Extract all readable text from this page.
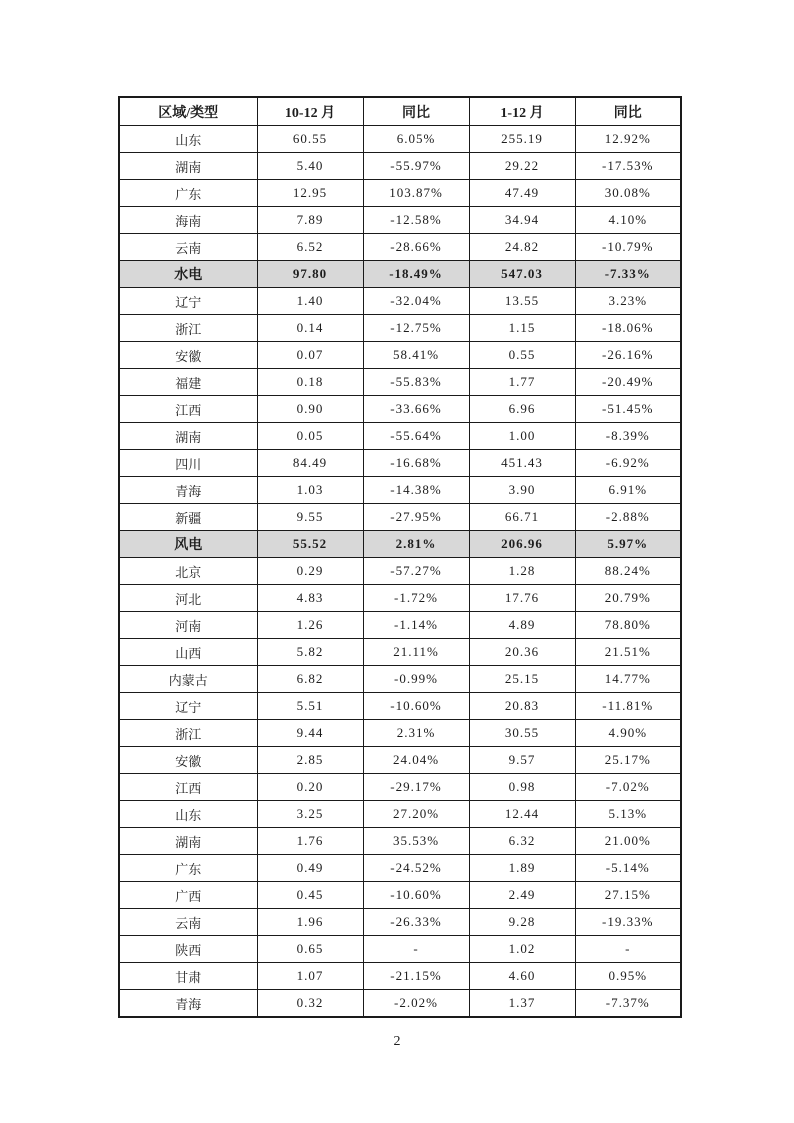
区域/类型	10-12 月	同比	1-12 月	同比
山东	60.55	6.05%	255.19	12.92%
湖南	5.40	-55.97%	29.22	-17.53%
广东	12.95	103.87%	47.49	30.08%
海南	7.89	-12.58%	34.94	4.10%
云南	6.52	-28.66%	24.82	-10.79%
水电	97.80	-18.49%	547.03	-7.33%
辽宁	1.40	-32.04%	13.55	3.23%
浙江	0.14	-12.75%	1.15	-18.06%
安徽	0.07	58.41%	0.55	-26.16%
福建	0.18	-55.83%	1.77	-20.49%
江西	0.90	-33.66%	6.96	-51.45%
湖南	0.05	-55.64%	1.00	-8.39%
四川	84.49	-16.68%	451.43	-6.92%
青海	1.03	-14.38%	3.90	6.91%
新疆	9.55	-27.95%	66.71	-2.88%
风电	55.52	2.81%	206.96	5.97%
北京	0.29	-57.27%	1.28	88.24%
河北	4.83	-1.72%	17.76	20.79%
河南	1.26	-1.14%	4.89	78.80%
山西	5.82	21.11%	20.36	21.51%
内蒙古	6.82	-0.99%	25.15	14.77%
辽宁	5.51	-10.60%	20.83	-11.81%
浙江	9.44	2.31%	30.55	4.90%
安徽	2.85	24.04%	9.57	25.17%
江西	0.20	-29.17%	0.98	-7.02%
山东	3.25	27.20%	12.44	5.13%
湖南	1.76	35.53%	6.32	21.00%
广东	0.49	-24.52%	1.89	-5.14%
广西	0.45	-10.60%	2.49	27.15%
云南	1.96	-26.33%	9.28	-19.33%
陕西	0.65	-	1.02	-
甘肃	1.07	-21.15%	4.60	0.95%
青海	0.32	-2.02%	1.37	-7.37%
2
